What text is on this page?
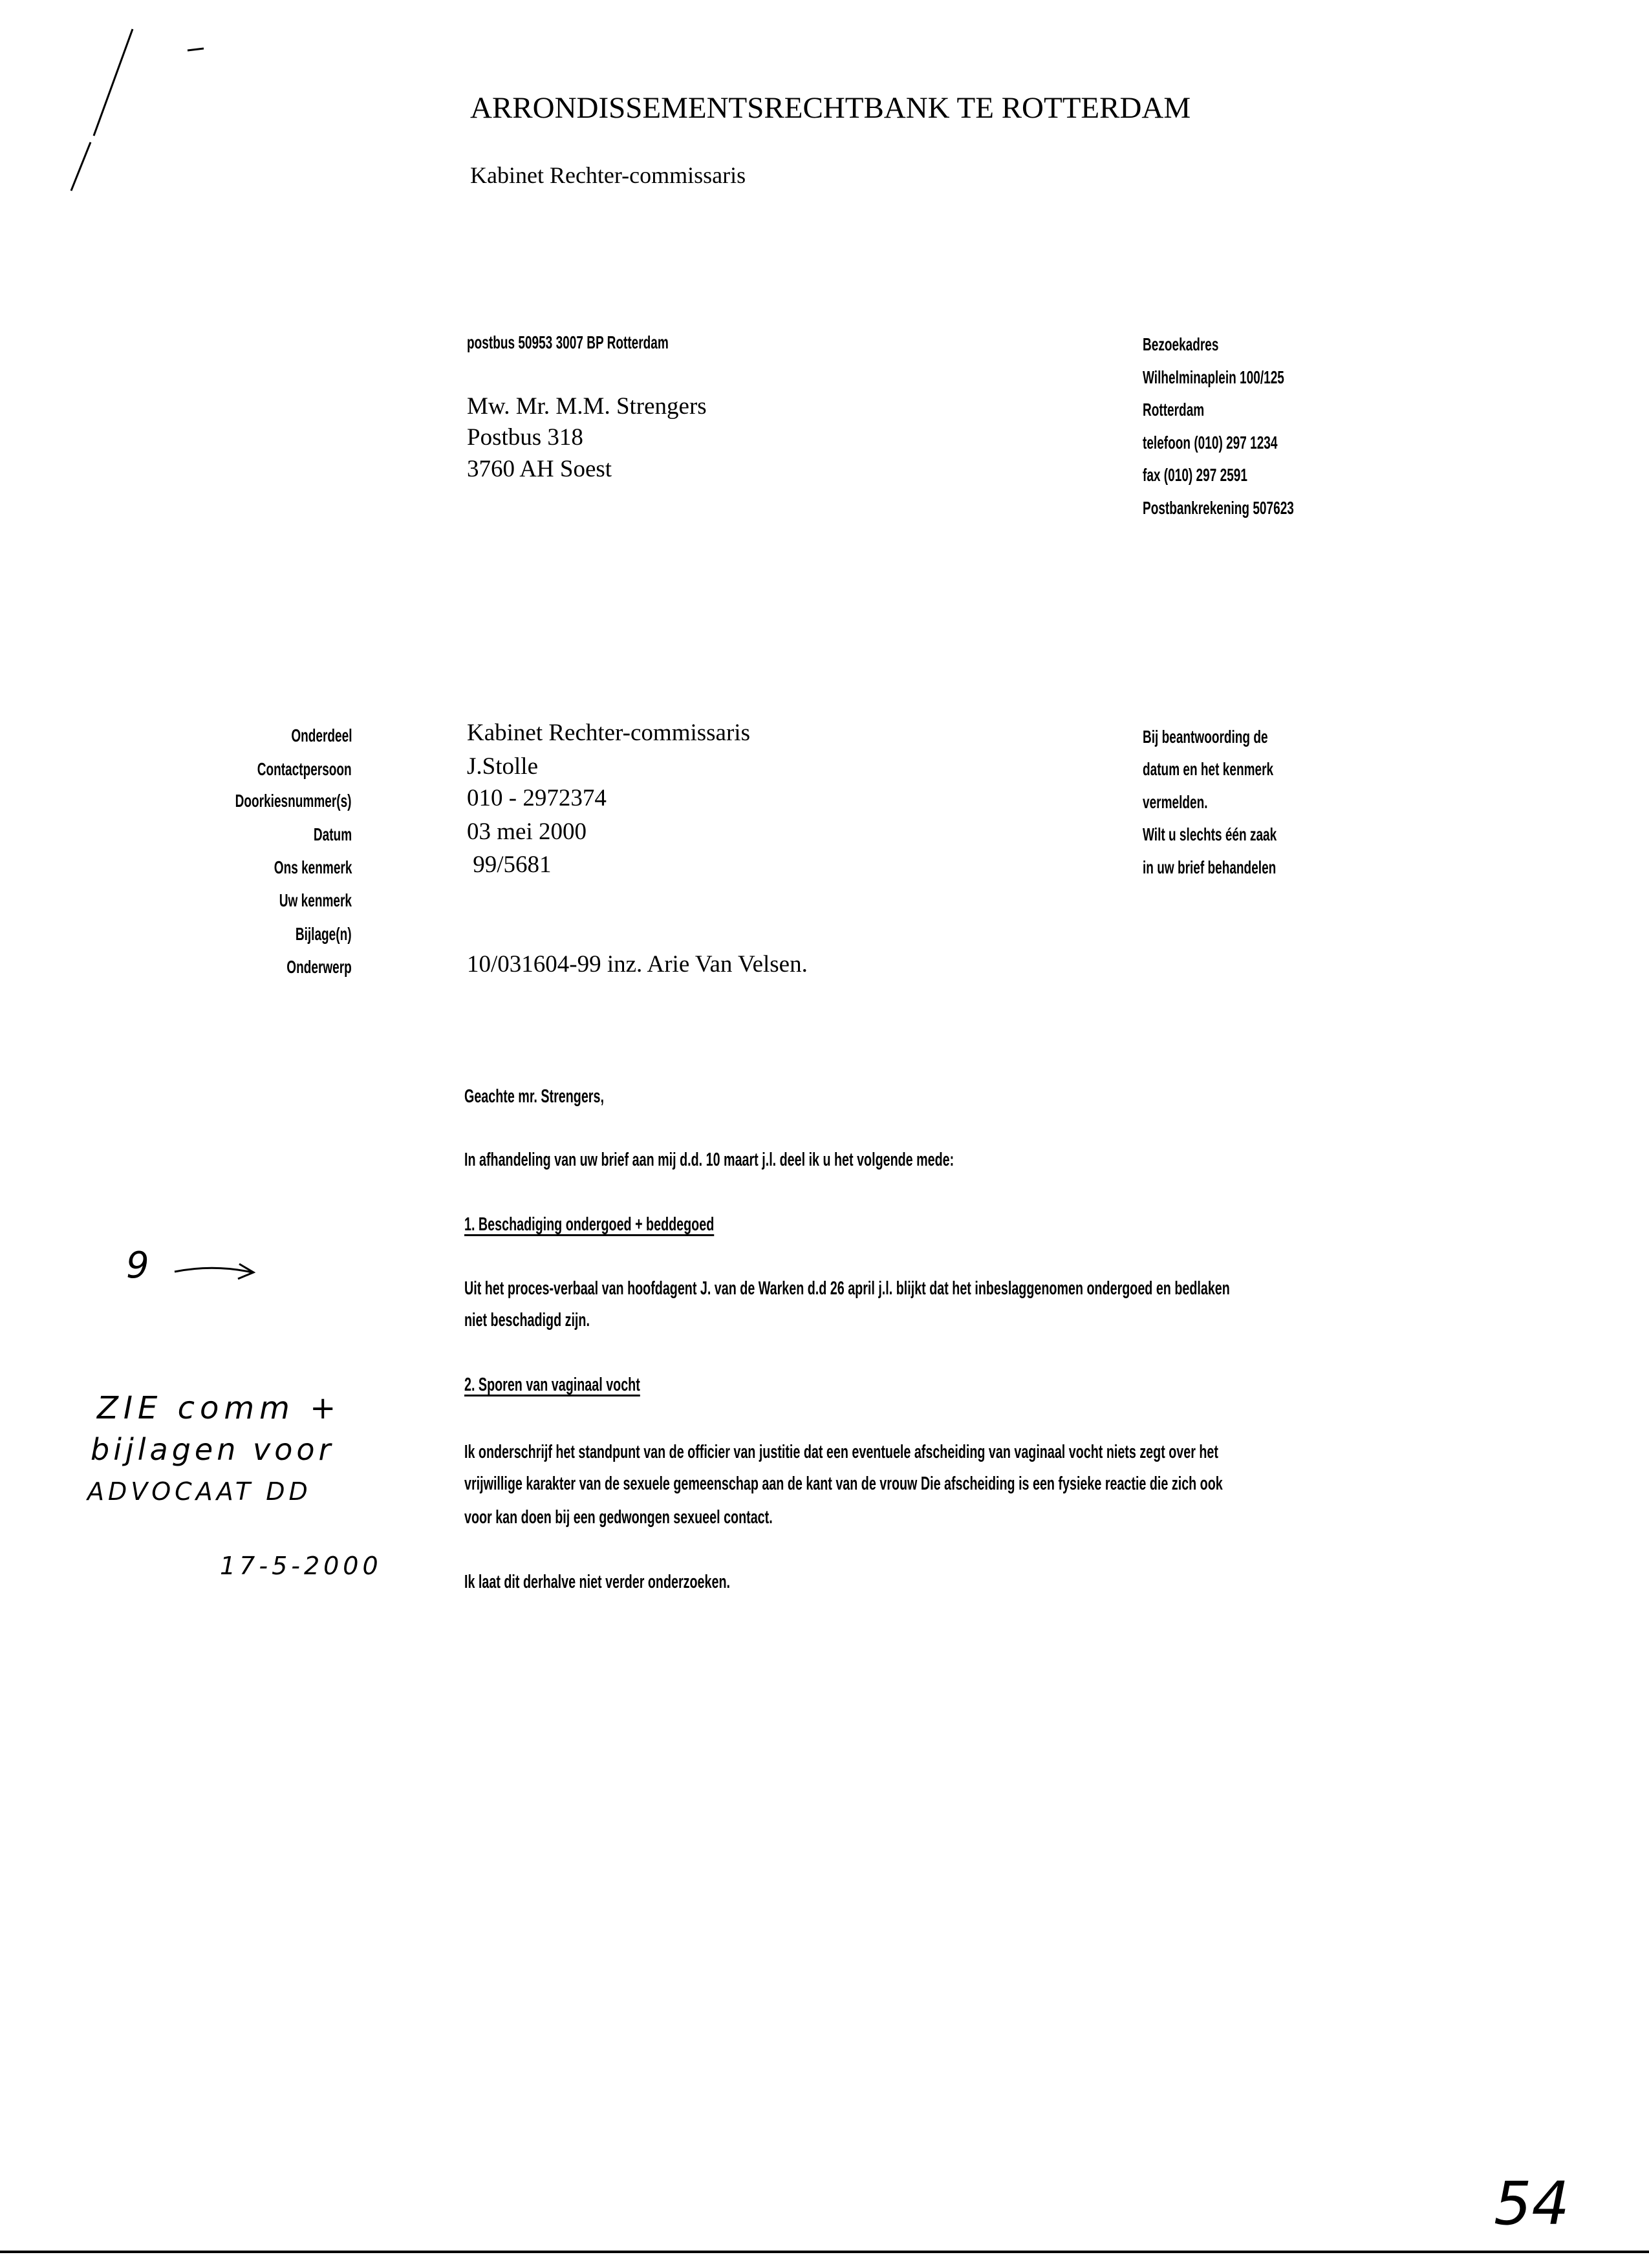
ARRONDISSEMENTSRECHTBANK TE ROTTERDAM
Kabinet Rechter-commissaris
postbus 50953 3007 BP Rotterdam
Mw. Mr. M.M. Strengers
Postbus 318
3760 AH Soest
Bezoekadres
Wilhelminaplein 100/125
Rotterdam
telefoon (010) 297 1234
fax (010) 297 2591
Postbankrekening 507623
Onderdeel	Kabinet Rechter-commissaris
Contactpersoon	J.Stolle
Doorkiesnummer(s)	010 - 2972374
Datum	03 mei 2000
Ons kenmerk	99/5681
Uw kenmerk
Bijlage(n)
Onderwerp	10/031604-99 inz. Arie Van Velsen.
Bij beantwoording de
datum en het kenmerk
vermelden.
Wilt u slechts één zaak
in uw brief behandelen
Geachte mr. Strengers,
In afhandeling van uw brief aan mij d.d. 10 maart j.l. deel ik u het volgende mede:
1. Beschadiging ondergoed + beddegoed
Uit het proces-verbaal van hoofdagent J. van de Warken d.d 26 april j.l. blijkt dat het inbeslaggenomen ondergoed en bedlaken
niet beschadigd zijn.
2. Sporen van vaginaal vocht
Ik onderschrijf het standpunt van de officier van justitie dat een eventuele afscheiding van vaginaal vocht niets zegt over het
vrijwillige karakter van de sexuele gemeenschap aan de kant van de vrouw Die afscheiding is een fysieke reactie die zich ook
voor kan doen bij een gedwongen sexueel contact.
Ik laat dit derhalve niet verder onderzoeken.
9
ZIE comm +
bijlagen voor
ADVOCAAT DD
17-5-2000
54
